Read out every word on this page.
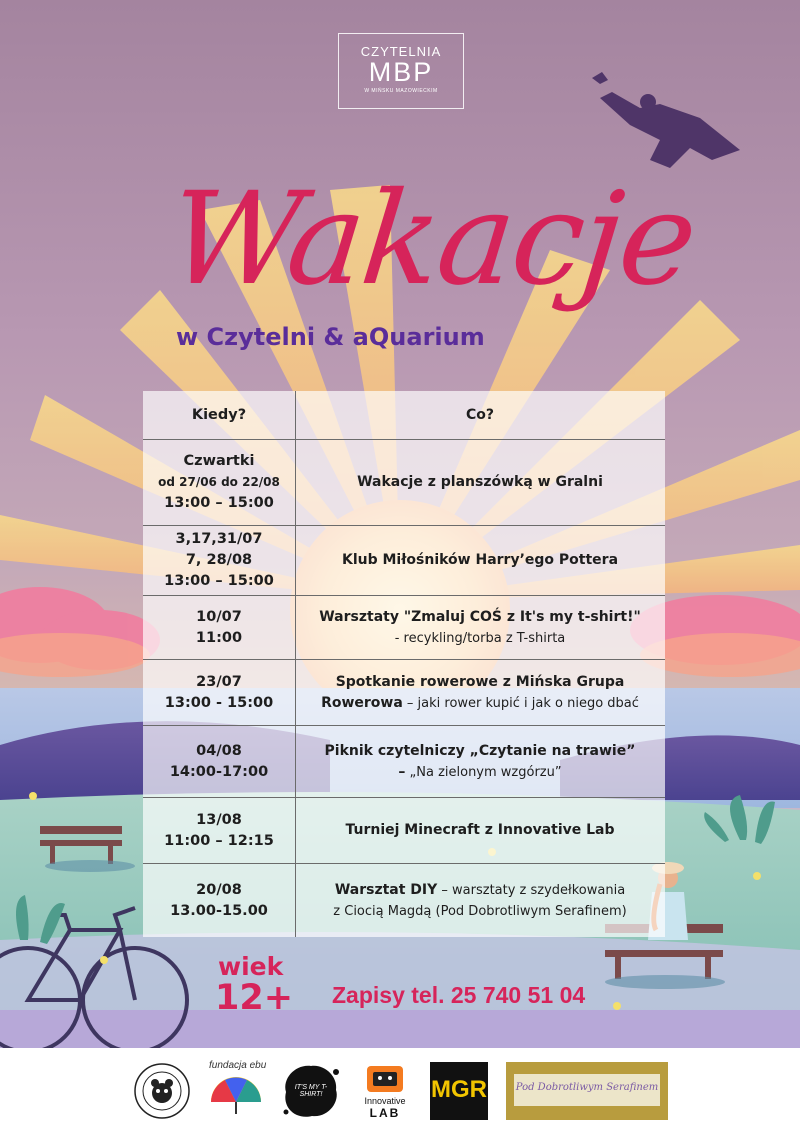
CZYTELNIA
MBP
W MIŃSKU MAZOWIECKIM
Wakacje
w Czytelni & aQuarium
Kiedy?	Co?
Czwartki
od 27/06 do 22/08
13:00 – 15:00
Wakacje z planszówką w Gralni
3,17,31/07
7, 28/08
13:00 – 15:00
Klub Miłośników Harry’ego Pottera
10/07
11:00
Warsztaty "Zmaluj COŚ z It's my t-shirt!"
- recykling/torba z T-shirta
23/07
13:00 - 15:00
Spotkanie rowerowe z Mińska Grupa
Rowerowa – jaki rower kupić i jak o niego dbać
04/08
14:00-17:00
Piknik czytelniczy „Czytanie na trawie”
– „Na zielonym wzgórzu”
13/08
11:00 – 12:15
Turniej Minecraft z Innovative Lab
20/08
13.00-15.00
Warsztat DIY – warsztaty z szydełkowania
z Ciocią Magdą (Pod Dobrotliwym Serafinem)
wiek
12+ Zapisy tel. 25 740 51 04
fundacja ebu
IT'S MY T-SHIRT!
Innovative
LAB
MGR	Pod Dobrotliwym Serafinem
